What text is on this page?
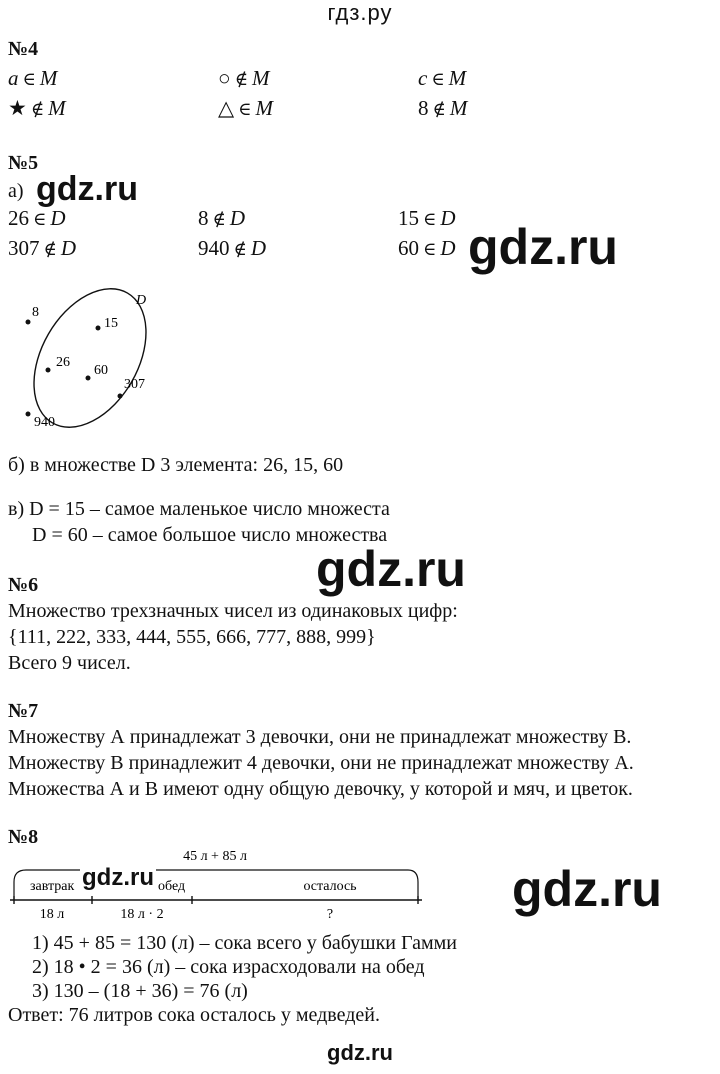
гдз.ру
№4
a ∈ M	○ ∉ M	c ∈ M
★ ∉ M	△ ∈ M	8 ∉ M
№5
а) gdz.ru
26 ∈ D	8 ∉ D	15 ∈ D
307 ∉ D	940 ∉ D	60 ∈ D gdz.ru
D
8
15
26
60
307
940
б) в множестве D 3 элемента: 26, 15, 60
в) D = 15 – самое маленькое число множеста
D = 60 – самое большое число множества
gdz.ru
№6
Множество трехзначных чисел из одинаковых цифр:
{111, 222, 333, 444, 555, 666, 777, 888, 999}
Всего 9 чисел.
№7
Множеству А принадлежат 3 девочки, они не принадлежат множеству В.
Множеству В принадлежит 4 девочки, они не принадлежат множеству А.
Множества А и В имеют одну общую девочку, у которой и мяч, и цветок.
№8
45 л + 85 л
завтрак	обед	осталось
18 л	18 л · 2	?
gdz.ru	gdz.ru
1) 45 + 85 = 130 (л) – сока всего у бабушки Гамми
2) 18 • 2 = 36 (л) – сока израсходовали на обед
3) 130 – (18 + 36) = 76 (л)
Ответ: 76 литров сока осталось у медведей.
gdz.ru
